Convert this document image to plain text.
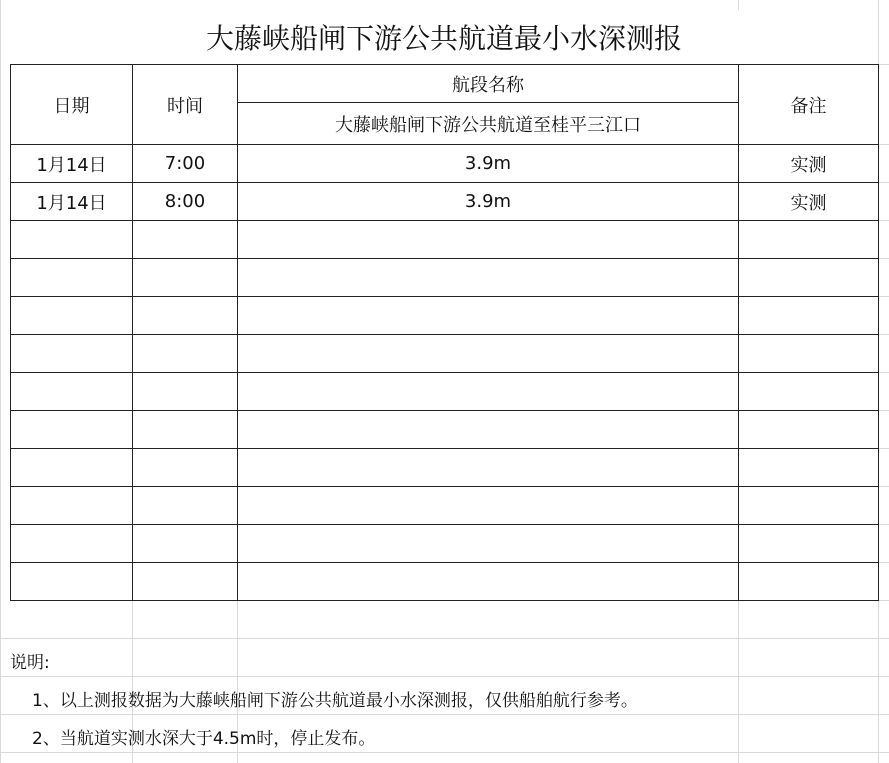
大藤峡船闸下游公共航道最小水深测报
日期	时间	航段名称	备注
		大藤峡船闸下游公共航道至桂平三江口	
1月14日	7:00	3.9m	实测
1月14日	8:00	3.9m	实测

说明:
1、以上测报数据为大藤峡船闸下游公共航道最小水深测报，仅供船舶航行参考。
2、当航道实测水深大于4.5m时，停止发布。
